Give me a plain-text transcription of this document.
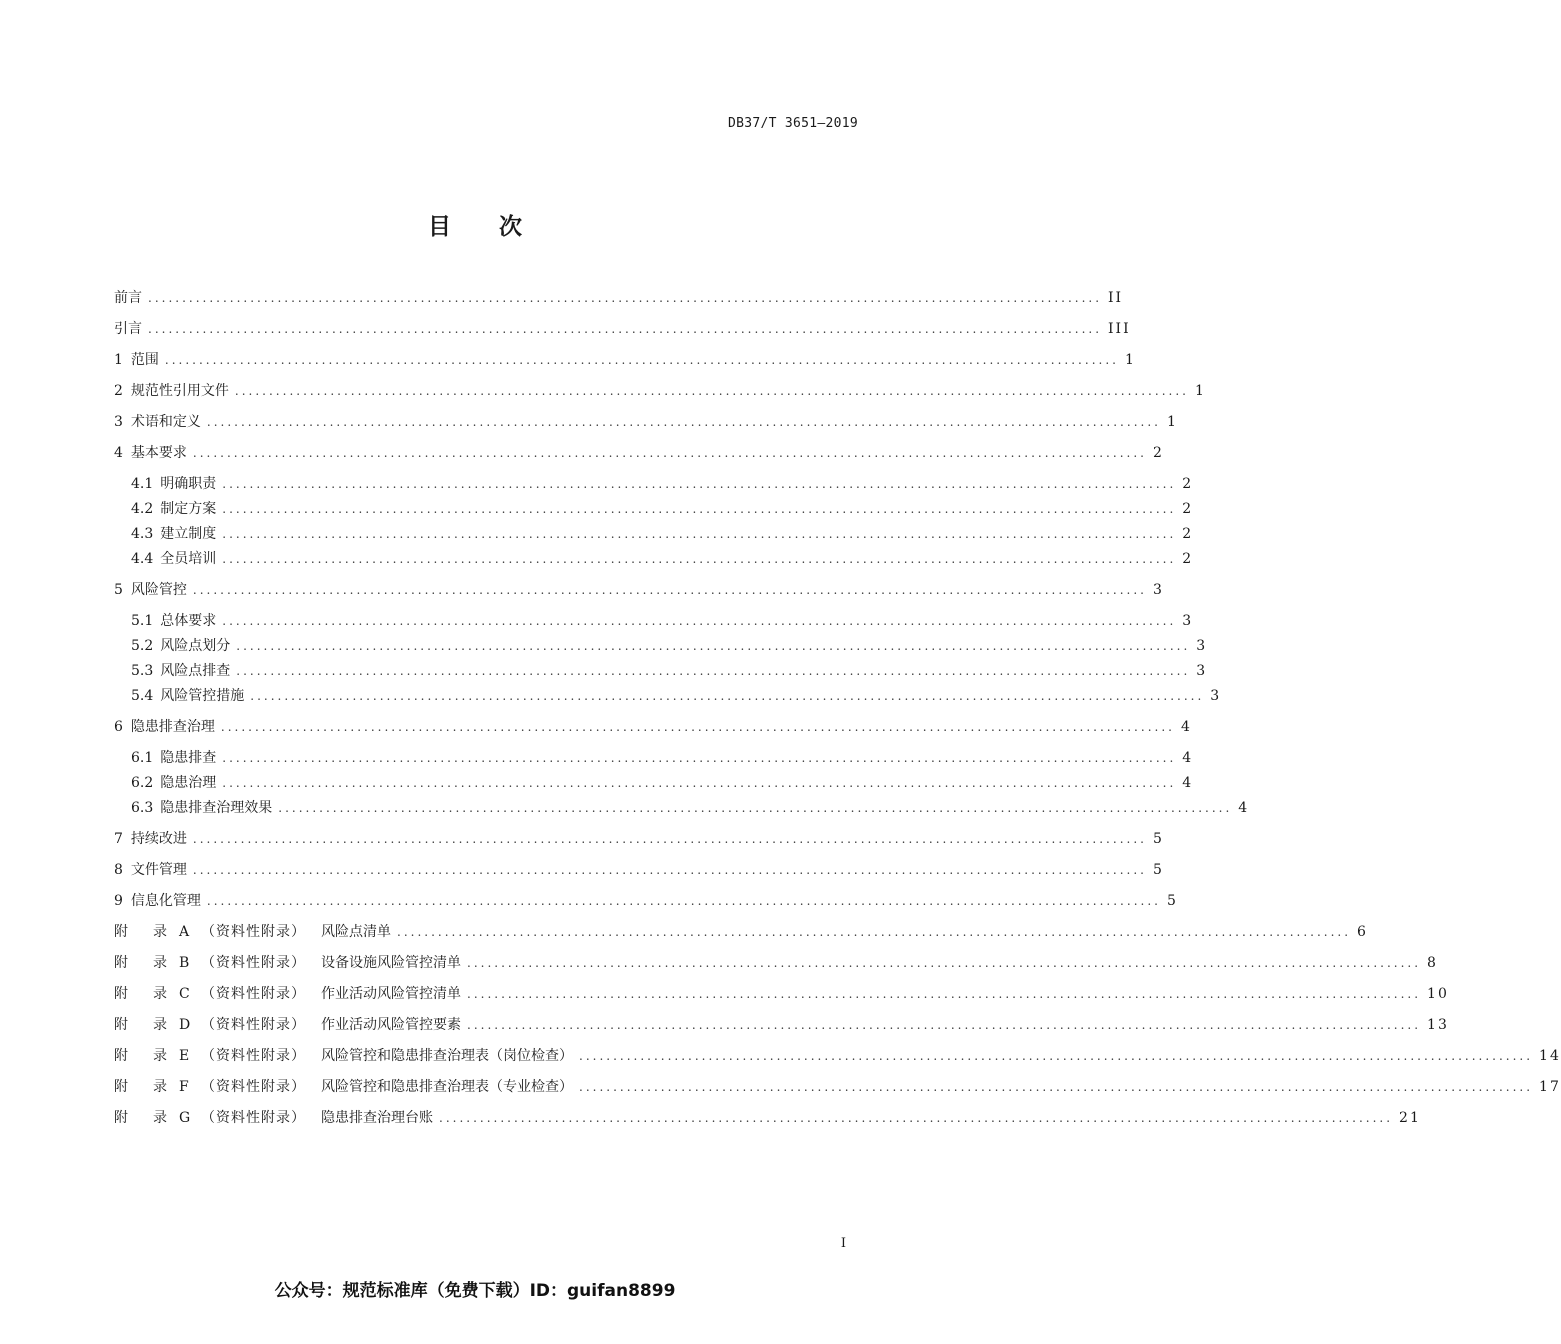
DB37/T 3651—2019
目次
前言 ............................................................................................................................................ II
引言 ............................................................................................................................................ III
1 范围 ............................................................................................................................................ 1
2 规范性引用文件 ............................................................................................................................................ 1
3 术语和定义 ............................................................................................................................................ 1
4 基本要求 ............................................................................................................................................ 2
4.1 明确职责 ............................................................................................................................................ 2
4.2 制定方案 ............................................................................................................................................ 2
4.3 建立制度 ............................................................................................................................................ 2
4.4 全员培训 ............................................................................................................................................ 2
5 风险管控 ............................................................................................................................................ 3
5.1 总体要求 ............................................................................................................................................ 3
5.2 风险点划分 ............................................................................................................................................ 3
5.3 风险点排查 ............................................................................................................................................ 3
5.4 风险管控措施 ............................................................................................................................................ 3
6 隐患排查治理 ............................................................................................................................................ 4
6.1 隐患排查 ............................................................................................................................................ 4
6.2 隐患治理 ............................................................................................................................................ 4
6.3 隐患排查治理效果 ............................................................................................................................................ 4
7 持续改进 ............................................................................................................................................ 5
8 文件管理 ............................................................................................................................................ 5
9 信息化管理 ............................................................................................................................................ 5
附 录 A （资料性附录） 风险点清单 ............................................................................................................................................ 6
附 录 B （资料性附录） 设备设施风险管控清单 ............................................................................................................................................ 8
附 录 C （资料性附录） 作业活动风险管控清单 ............................................................................................................................................ 10
附 录 D （资料性附录） 作业活动风险管控要素 ............................................................................................................................................ 13
附 录 E （资料性附录） 风险管控和隐患排查治理表（岗位检查） ............................................................................................................................................ 14
附 录 F （资料性附录） 风险管控和隐患排查治理表（专业检查） ............................................................................................................................................ 17
附 录 G （资料性附录） 隐患排查治理台账 ............................................................................................................................................ 21
I
公众号：规范标准库（免费下载）ID：guifan8899
